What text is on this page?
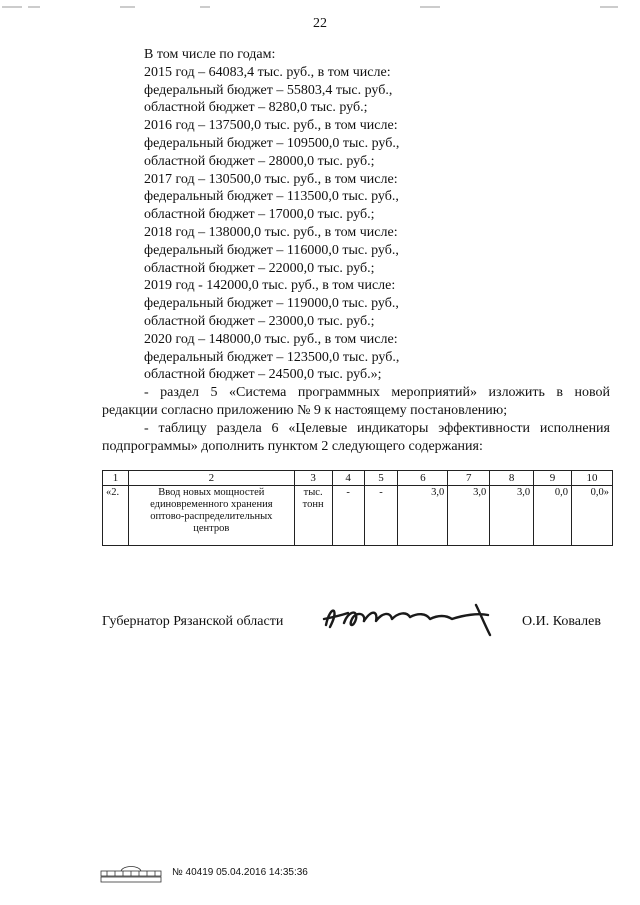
22
В том числе по годам:
2015 год – 64083,4 тыс. руб., в том числе:
федеральный бюджет – 55803,4 тыс. руб.,
областной бюджет – 8280,0 тыс. руб.;
2016 год – 137500,0 тыс. руб., в том числе:
федеральный бюджет – 109500,0 тыс. руб.,
областной бюджет – 28000,0 тыс. руб.;
2017 год – 130500,0 тыс. руб., в том числе:
федеральный бюджет – 113500,0 тыс. руб.,
областной бюджет – 17000,0 тыс. руб.;
2018 год – 138000,0 тыс. руб., в том числе:
федеральный бюджет – 116000,0 тыс. руб.,
областной бюджет – 22000,0 тыс. руб.;
2019 год - 142000,0 тыс. руб., в том числе:
федеральный бюджет – 119000,0 тыс. руб.,
областной бюджет – 23000,0 тыс. руб.;
2020 год – 148000,0 тыс. руб., в том числе:
федеральный бюджет – 123500,0 тыс. руб.,
областной бюджет – 24500,0 тыс. руб.»;
- раздел 5 «Система программных мероприятий» изложить в новой
редакции согласно приложению № 9 к настоящему постановлению;
- таблицу раздела 6 «Целевые индикаторы эффективности исполнения
подпрограммы» дополнить пунктом 2 следующего содержания:
1	2	3	4	5	6	7	8	9	10
«2.	Ввод новых мощностей единовременного хранения оптово-распределительных центров	тыс. тонн	-	-	3,0	3,0	3,0	0,0	0,0»
Губернатор Рязанской области	О.И. Ковалев
№ 40419 05.04.2016 14:35:36
